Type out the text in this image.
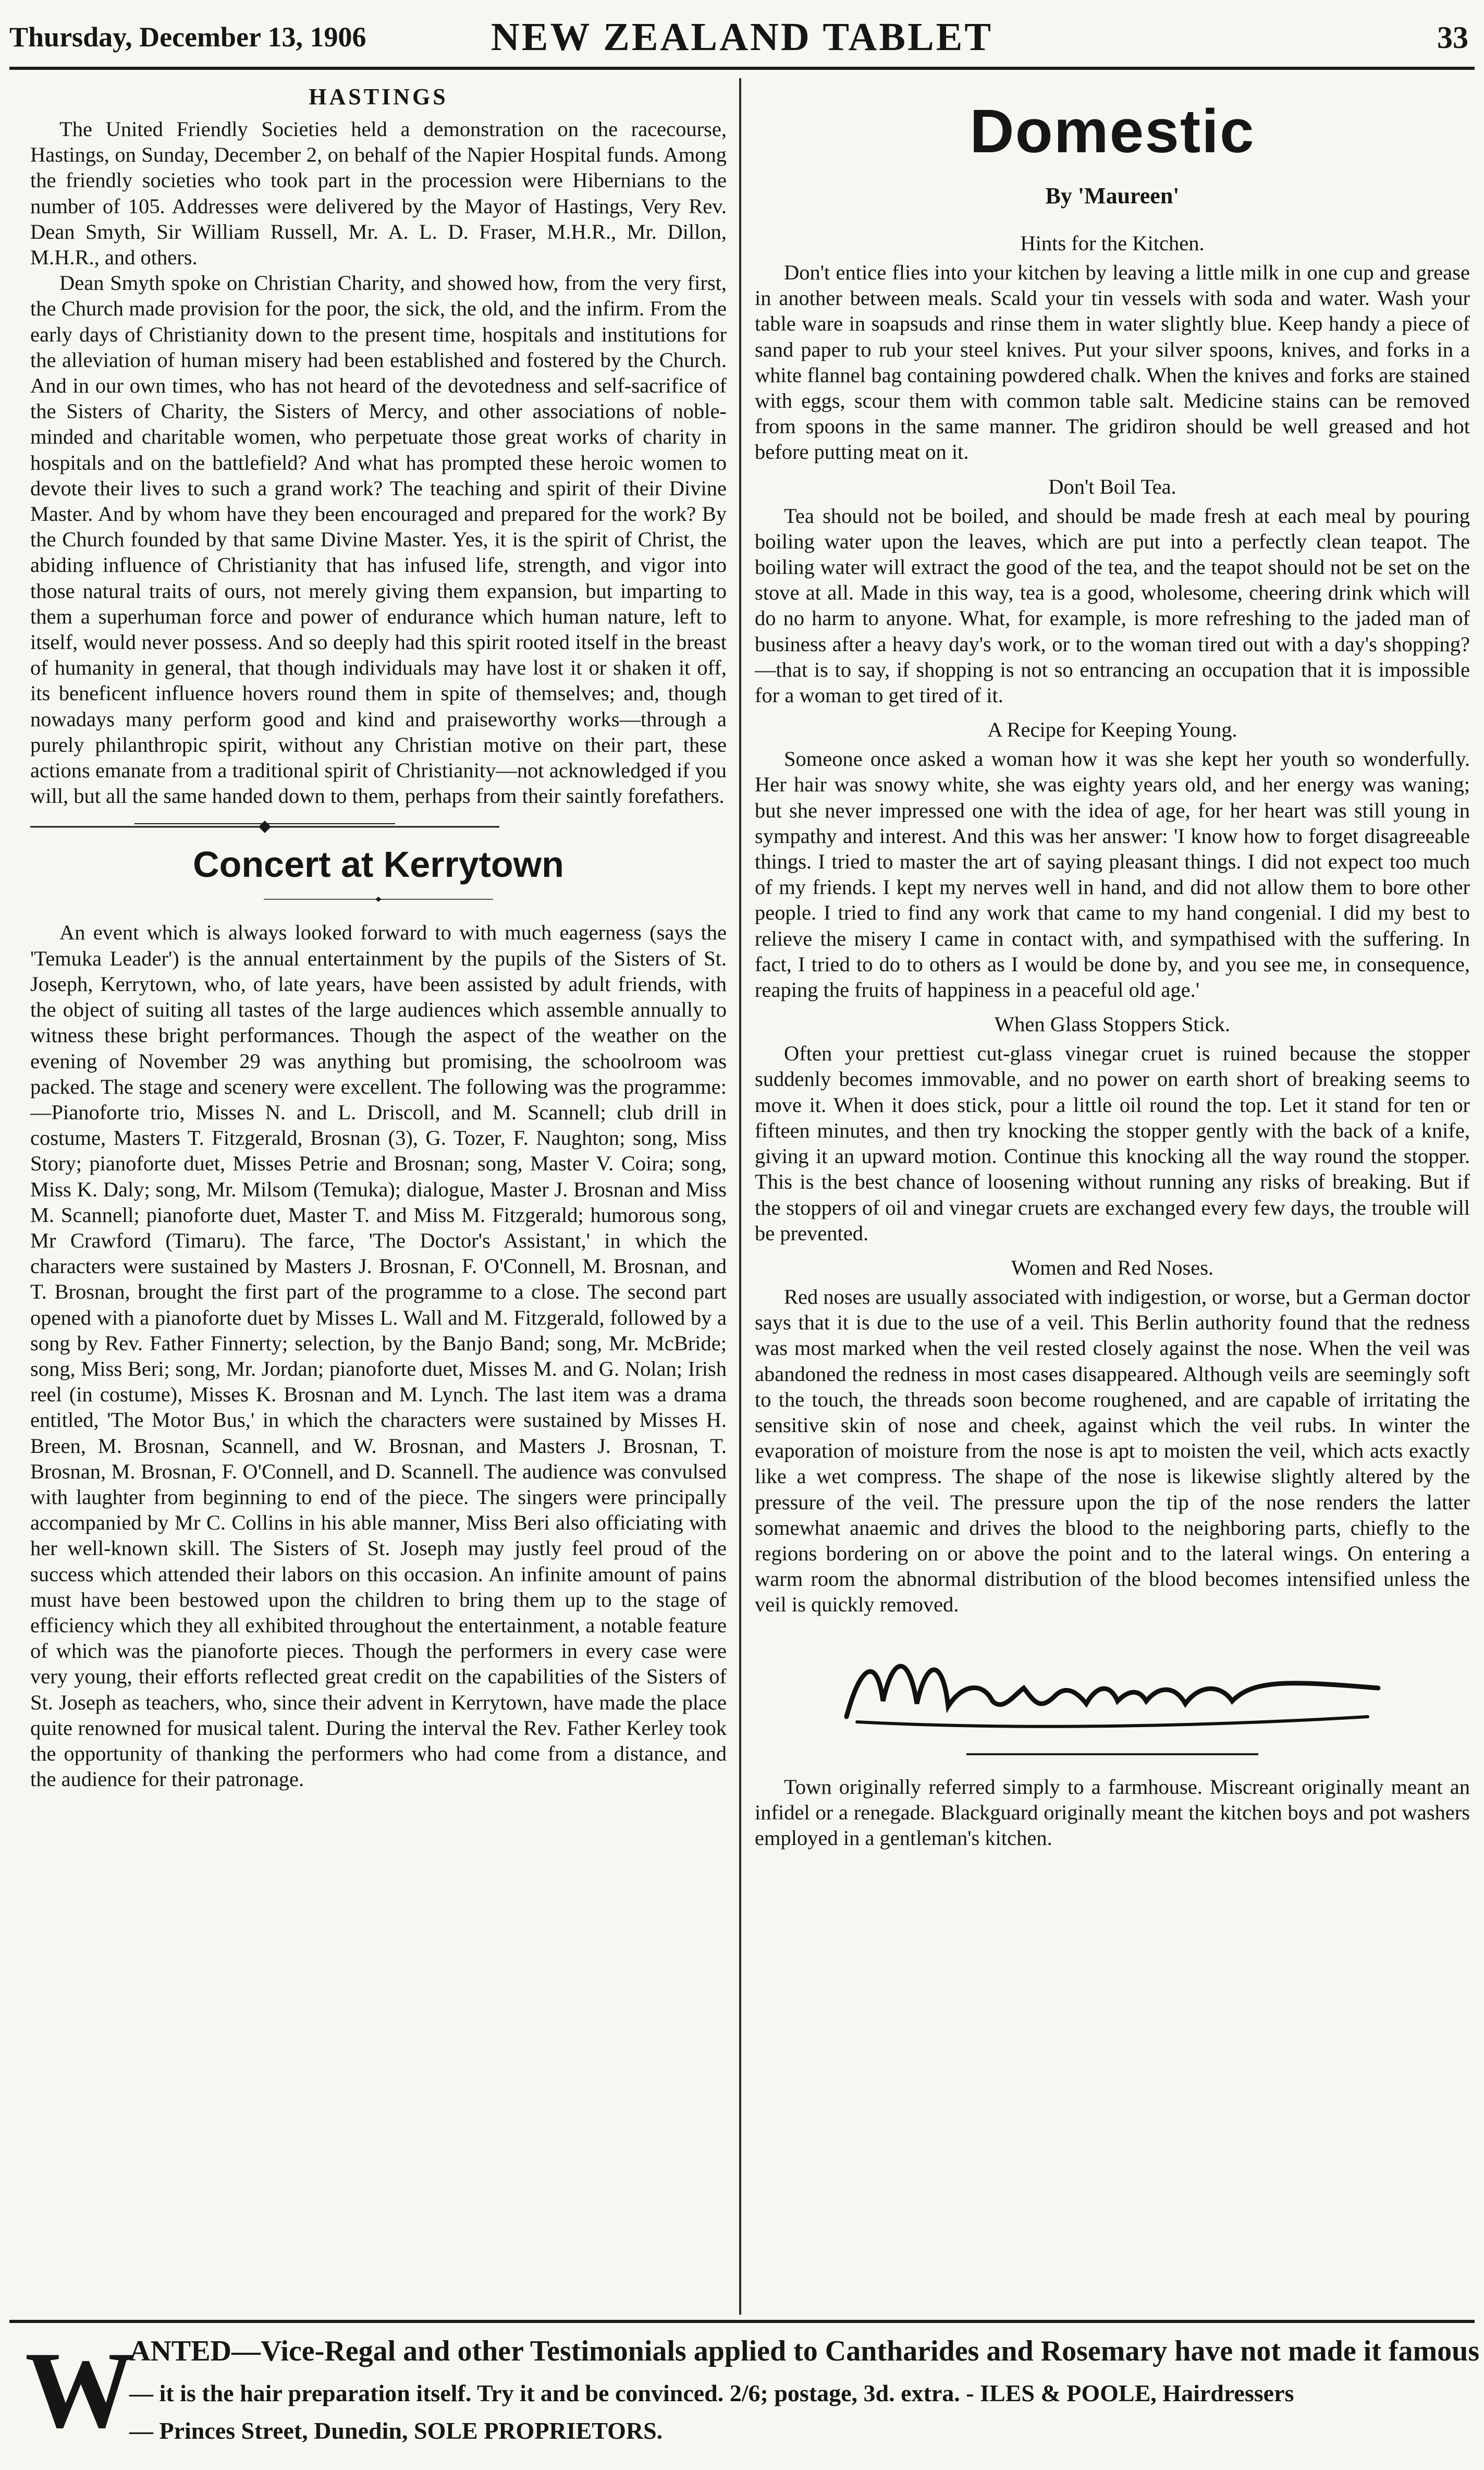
Thursday, December 13, 1906	NEW ZEALAND TABLET	33
HASTINGS

The United Friendly Societies held a demonstration on the racecourse, Hastings, on Sunday, December 2, on behalf of the Napier Hospital funds. Among the friendly societies who took part in the procession were Hibernians to the number of 105. Addresses were delivered by the Mayor of Hastings, Very Rev. Dean Smyth, Sir William Russell, Mr. A. L. D. Fraser, M.H.R., Mr. Dillon, M.H.R., and others.

Dean Smyth spoke on Christian Charity, and showed how, from the very first, the Church made provision for the poor, the sick, the old, and the infirm. From the early days of Christianity down to the present time, hospitals and institutions for the alleviation of human misery had been established and fostered by the Church. And in our own times, who has not heard of the devotedness and self-sacrifice of the Sisters of Charity, the Sisters of Mercy, and other associations of noble-minded and charitable women, who perpetuate those great works of charity in hospitals and on the battlefield? And what has prompted these heroic women to devote their lives to such a grand work? The teaching and spirit of their Divine Master. And by whom have they been encouraged and prepared for the work? By the Church founded by that same Divine Master. Yes, it is the spirit of Christ, the abiding influence of Christianity that has infused life, strength, and vigor into those natural traits of ours, not merely giving them expansion, but imparting to them a superhuman force and power of endurance which human nature, left to itself, would never possess. And so deeply had this spirit rooted itself in the breast of humanity in general, that though individuals may have lost it or shaken it off, its beneficent influence hovers round them in spite of themselves; and, though nowadays many perform good and kind and praiseworthy works—through a purely philanthropic spirit, without any Christian motive on their part, these actions emanate from a traditional spirit of Christianity—not acknowledged if you will, but all the same handed down to them, perhaps from their saintly forefathers.

Concert at Kerrytown

An event which is always looked forward to with much eagerness (says the 'Temuka Leader') is the annual entertainment by the pupils of the Sisters of St. Joseph, Kerrytown, who, of late years, have been assisted by adult friends, with the object of suiting all tastes of the large audiences which assemble annually to witness these bright performances. Though the aspect of the weather on the evening of November 29 was anything but promising, the schoolroom was packed. The stage and scenery were excellent. The following was the programme:—Pianoforte trio, Misses N. and L. Driscoll, and M. Scannell; club drill in costume, Masters T. Fitzgerald, Brosnan (3), G. Tozer, F. Naughton; song, Miss Story; pianoforte duet, Misses Petrie and Brosnan; song, Master V. Coira; song, Miss K. Daly; song, Mr. Milsom (Temuka); dialogue, Master J. Brosnan and Miss M. Scannell; pianoforte duet, Master T. and Miss M. Fitzgerald; humorous song, Mr Crawford (Timaru). The farce, 'The Doctor's Assistant,' in which the characters were sustained by Masters J. Brosnan, F. O'Connell, M. Brosnan, and T. Brosnan, brought the first part of the programme to a close. The second part opened with a pianoforte duet by Misses L. Wall and M. Fitzgerald, followed by a song by Rev. Father Finnerty; selection, by the Banjo Band; song, Mr. McBride; song, Miss Beri; song, Mr. Jordan; pianoforte duet, Misses M. and G. Nolan; Irish reel (in costume), Misses K. Brosnan and M. Lynch. The last item was a drama entitled, 'The Motor Bus,' in which the characters were sustained by Misses H. Breen, M. Brosnan, Scannell, and W. Brosnan, and Masters J. Brosnan, T. Brosnan, M. Brosnan, F. O'Connell, and D. Scannell. The audience was convulsed with laughter from beginning to end of the piece. The singers were principally accompanied by Mr C. Collins in his able manner, Miss Beri also officiating with her well-known skill. The Sisters of St. Joseph may justly feel proud of the success which attended their labors on this occasion. An infinite amount of pains must have been bestowed upon the children to bring them up to the stage of efficiency which they all exhibited throughout the entertainment, a notable feature of which was the pianoforte pieces. Though the performers in every case were very young, their efforts reflected great credit on the capabilities of the Sisters of St. Joseph as teachers, who, since their advent in Kerrytown, have made the place quite renowned for musical talent. During the interval the Rev. Father Kerley took the opportunity of thanking the performers who had come from a distance, and the audience for their patronage.

Domestic
By 'Maureen'
Hints for the Kitchen.

Don't entice flies into your kitchen by leaving a little milk in one cup and grease in another between meals. Scald your tin vessels with soda and water. Wash your table ware in soapsuds and rinse them in water slightly blue. Keep handy a piece of sand paper to rub your steel knives. Put your silver spoons, knives, and forks in a white flannel bag containing powdered chalk. When the knives and forks are stained with eggs, scour them with common table salt. Medicine stains can be removed from spoons in the same manner. The gridiron should be well greased and hot before putting meat on it.

Don't Boil Tea.

Tea should not be boiled, and should be made fresh at each meal by pouring boiling water upon the leaves, which are put into a perfectly clean teapot. The boiling water will extract the good of the tea, and the teapot should not be set on the stove at all. Made in this way, tea is a good, wholesome, cheering drink which will do no harm to anyone. What, for example, is more refreshing to the jaded man of business after a heavy day's work, or to the woman tired out with a day's shopping?—that is to say, if shopping is not so entrancing an occupation that it is impossible for a woman to get tired of it.

A Recipe for Keeping Young.

Someone once asked a woman how it was she kept her youth so wonderfully. Her hair was snowy white, she was eighty years old, and her energy was waning; but she never impressed one with the idea of age, for her heart was still young in sympathy and interest. And this was her answer: 'I know how to forget disagreeable things. I tried to master the art of saying pleasant things. I did not expect too much of my friends. I kept my nerves well in hand, and did not allow them to bore other people. I tried to find any work that came to my hand congenial. I did my best to relieve the misery I came in contact with, and sympathised with the suffering. In fact, I tried to do to others as I would be done by, and you see me, in consequence, reaping the fruits of happiness in a peaceful old age.'

When Glass Stoppers Stick.

Often your prettiest cut-glass vinegar cruet is ruined because the stopper suddenly becomes immovable, and no power on earth short of breaking seems to move it. When it does stick, pour a little oil round the top. Let it stand for ten or fifteen minutes, and then try knocking the stopper gently with the back of a knife, giving it an upward motion. Continue this knocking all the way round the stopper. This is the best chance of loosening without running any risks of breaking. But if the stoppers of oil and vinegar cruets are exchanged every few days, the trouble will be prevented.

Women and Red Noses.

Red noses are usually associated with indigestion, or worse, but a German doctor says that it is due to the use of a veil. This Berlin authority found that the redness was most marked when the veil rested closely against the nose. When the veil was abandoned the redness in most cases disappeared. Although veils are seemingly soft to the touch, the threads soon become roughened, and are capable of irritating the sensitive skin of nose and cheek, against which the veil rubs. In winter the evaporation of moisture from the nose is apt to moisten the veil, which acts exactly like a wet compress. The shape of the nose is likewise slightly altered by the pressure of the veil. The pressure upon the tip of the nose renders the latter somewhat anaemic and drives the blood to the neighboring parts, chiefly to the regions bordering on or above the point and to the lateral wings. On entering a warm room the abnormal distribution of the blood becomes intensified unless the veil is quickly removed.

Town originally referred simply to a farmhouse. Miscreant originally meant an infidel or a renegade. Blackguard originally meant the kitchen boys and pot washers employed in a gentleman's kitchen.

W
ANTED—Vice-Regal and other Testimonials applied to Cantharides and Rosemary have not made it famous
— it is the hair preparation itself. Try it and be convinced. 2/6; postage, 3d. extra. - ILES & POOLE, Hairdressers
— Princes Street, Dunedin, SOLE PROPRIETORS.
